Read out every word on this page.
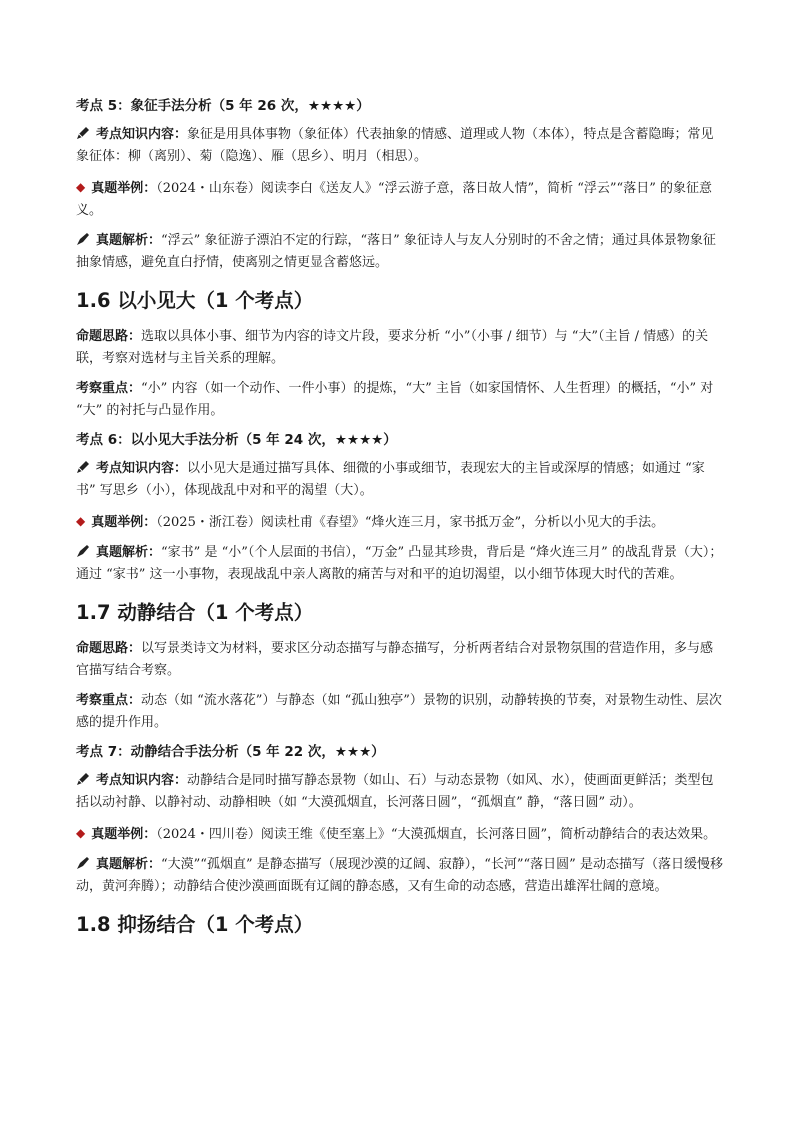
考点 5：象征手法分析（5 年 26 次，★★★★）

考点知识内容：象征是用具体事物（象征体）代表抽象的情感、道理或人物（本体），特点是含蓄隐晦；常见象征体：柳（离别）、菊（隐逸）、雁（思乡）、明月（相思）。

◆ 真题举例：（2024・山东卷）阅读李白《送友人》“浮云游子意，落日故人情”，简析 “浮云”“落日” 的象征意义。

真题解析：“浮云” 象征游子漂泊不定的行踪，“落日” 象征诗人与友人分别时的不舍之情；通过具体景物象征抽象情感，避免直白抒情，使离别之情更显含蓄悠远。

1.6 以小见大（1 个考点）

命题思路：选取以具体小事、细节为内容的诗文片段，要求分析 “小”（小事 / 细节）与 “大”（主旨 / 情感）的关联，考察对选材与主旨关系的理解。

考察重点：“小” 内容（如一个动作、一件小事）的提炼，“大” 主旨（如家国情怀、人生哲理）的概括，“小” 对 “大” 的衬托与凸显作用。

考点 6：以小见大手法分析（5 年 24 次，★★★★）

考点知识内容：以小见大是通过描写具体、细微的小事或细节，表现宏大的主旨或深厚的情感；如通过 “家书” 写思乡（小），体现战乱中对和平的渴望（大）。

◆ 真题举例：（2025・浙江卷）阅读杜甫《春望》“烽火连三月，家书抵万金”，分析以小见大的手法。

真题解析：“家书” 是 “小”（个人层面的书信），“万金” 凸显其珍贵，背后是 “烽火连三月” 的战乱背景（大）；通过 “家书” 这一小事物，表现战乱中亲人离散的痛苦与对和平的迫切渴望，以小细节体现大时代的苦难。

1.7 动静结合（1 个考点）

命题思路：以写景类诗文为材料，要求区分动态描写与静态描写，分析两者结合对景物氛围的营造作用，多与感官描写结合考察。

考察重点：动态（如 “流水落花”）与静态（如 “孤山独亭”）景物的识别，动静转换的节奏，对景物生动性、层次感的提升作用。

考点 7：动静结合手法分析（5 年 22 次，★★★）

考点知识内容：动静结合是同时描写静态景物（如山、石）与动态景物（如风、水），使画面更鲜活；类型包括以动衬静、以静衬动、动静相映（如 “大漠孤烟直，长河落日圆”，“孤烟直” 静，“落日圆” 动）。

◆ 真题举例：（2024・四川卷）阅读王维《使至塞上》“大漠孤烟直，长河落日圆”，简析动静结合的表达效果。

真题解析：“大漠”“孤烟直” 是静态描写（展现沙漠的辽阔、寂静），“长河”“落日圆” 是动态描写（落日缓慢移动，黄河奔腾）；动静结合使沙漠画面既有辽阔的静态感，又有生命的动态感，营造出雄浑壮阔的意境。

1.8 抑扬结合（1 个考点）
